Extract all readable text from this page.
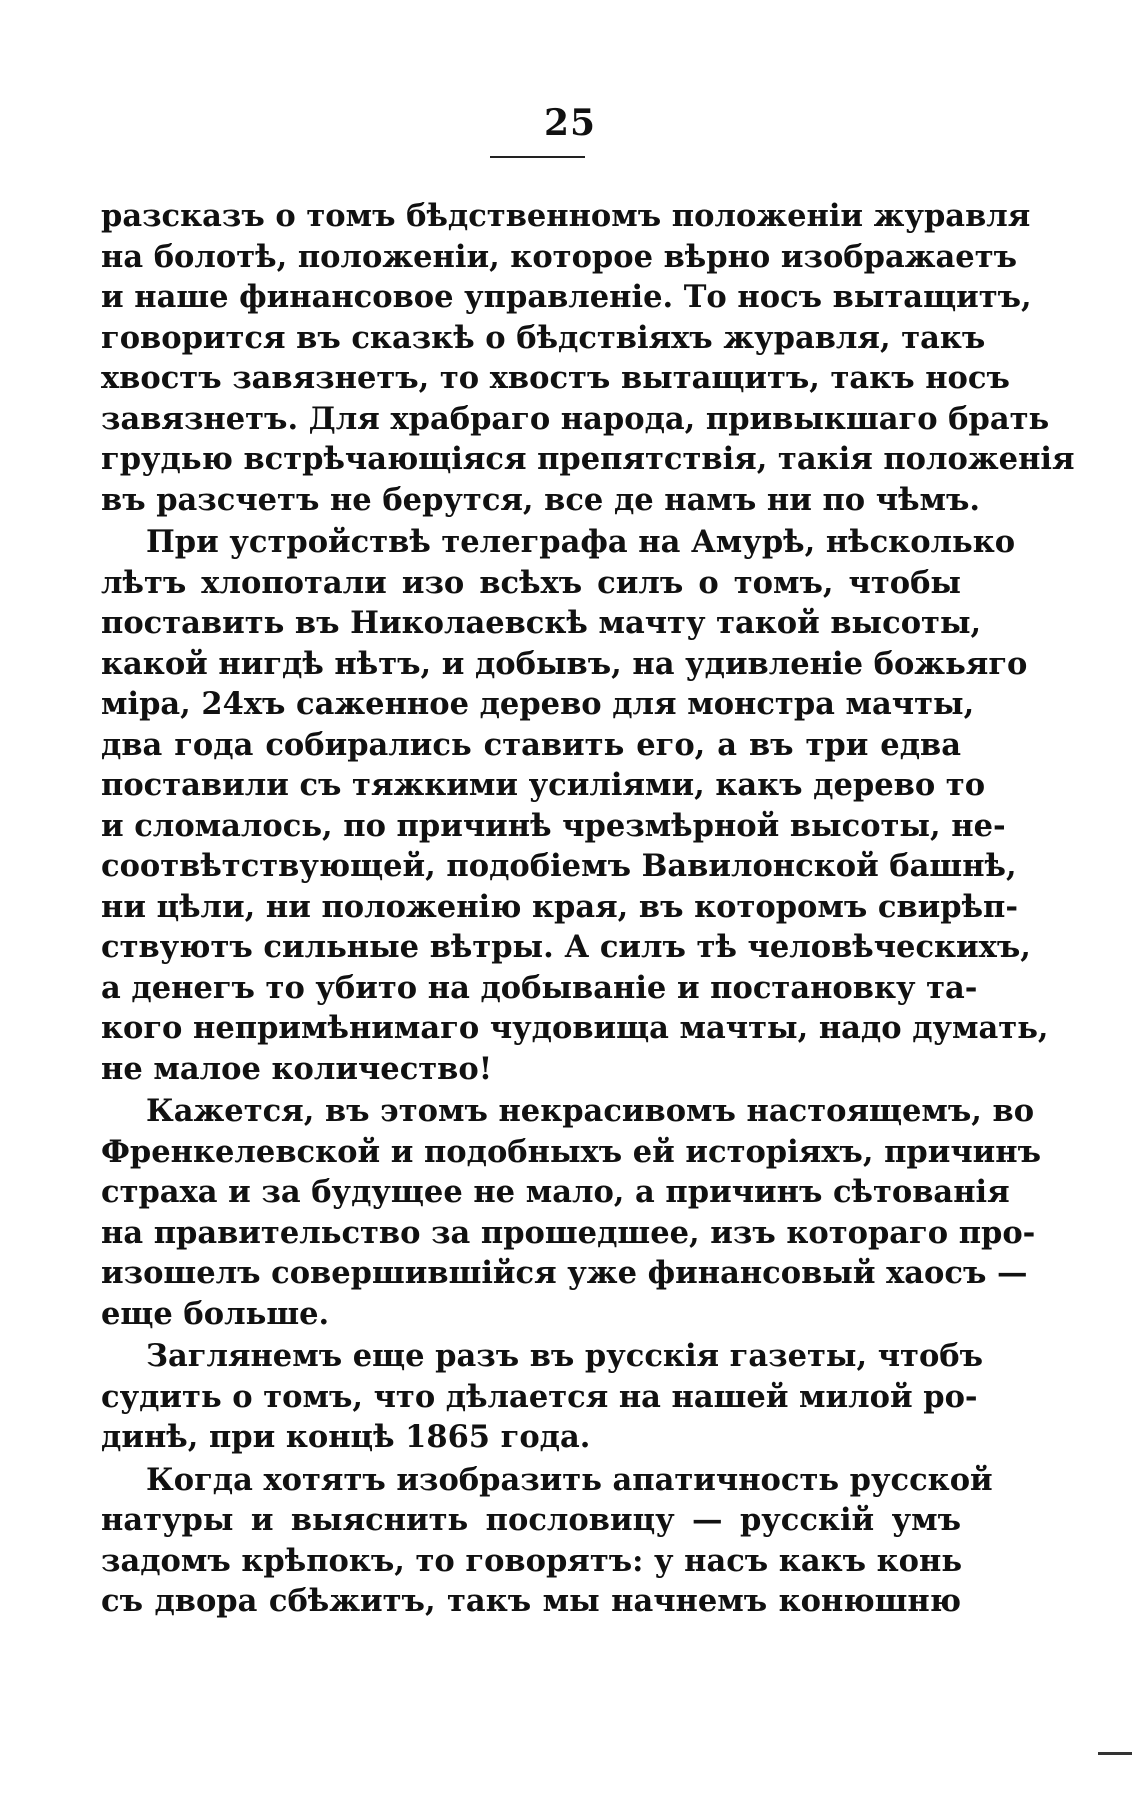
25
разсказъ о томъ бѣдственномъ положеніи журавля
на болотѣ, положеніи, которое вѣрно изображаетъ
и наше финансовое управленіе. То носъ вытащитъ,
говорится въ сказкѣ о бѣдствіяхъ журавля, такъ
хвостъ завязнетъ, то хвостъ вытащитъ, такъ носъ
завязнетъ. Для храбраго народа, привыкшаго брать
грудью встрѣчающіяся препятствія, такія положенія
въ разсчетъ не берутся, все де намъ ни по чѣмъ.
При устройствѣ телеграфа на Амурѣ, нѣсколько
лѣтъ хлопотали изо всѣхъ силъ о томъ, чтобы
поставить въ Николаевскѣ мачту такой высоты,
какой нигдѣ нѣтъ, и добывъ, на удивленіе божьяго
міра, 24хъ саженное дерево для монстра мачты,
два года собирались ставить его, а въ три едва
поставили съ тяжкими усиліями, какъ дерево то
и сломалось, по причинѣ чрезмѣрной высоты, не-
соотвѣтствующей, подобіемъ Вавилонской башнѣ,
ни цѣли, ни положенію края, въ которомъ свирѣп-
ствуютъ сильные вѣтры. А силъ тѣ человѣческихъ,
а денегъ то убито на добываніе и постановку та-
кого непримѣнимаго чудовища мачты, надо думать,
не малое количество!
Кажется, въ этомъ некрасивомъ настоящемъ, во
Френкелевской и подобныхъ ей исторіяхъ, причинъ
страха и за будущее не мало, а причинъ сѣтованія
на правительство за прошедшее, изъ котораго про-
изошелъ совершившійся уже финансовый хаосъ —
еще больше.
Заглянемъ еще разъ въ русскія газеты, чтобъ
судить о томъ, что дѣлается на нашей милой ро-
динѣ, при концѣ 1865 года.
Когда хотятъ изобразить апатичность русской
натуры и выяснить пословицу — русскій умъ
задомъ крѣпокъ, то говорятъ: у насъ какъ конь
съ двора сбѣжитъ, такъ мы начнемъ конюшню
